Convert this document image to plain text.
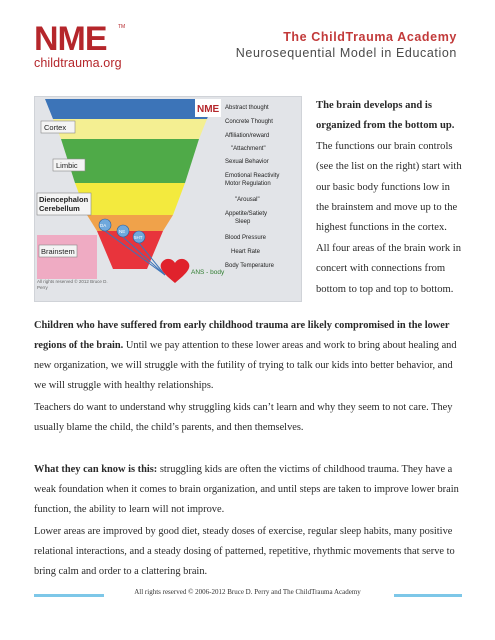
NME	TM
childtrauma.org
The ChildTrauma Academy
Neurosequential Model in Education
Cortex
Limbic
Diencephalon
Cerebellum
Brainstem
DA
NE
5HT
ANS - body
NME Abstract thought
Concrete Thought
Affiliation/reward
"Attachment"
Sexual Behavior
Emotional Reactivity
Motor Regulation
"Arousal"
Appetite/Satiety
Sleep
Blood Pressure
Heart Rate
Body Temperature
All rights reserved © 2012 Bruce D. Perry
The brain develops and is organized from the bottom up. The functions our brain controls (see the list on the right) start with our basic body functions low in the brainstem and move up to the highest functions in the cortex. All four areas of the brain work in concert with connections from bottom to top and top to bottom.
Children who have suffered from early childhood trauma are likely compromised in the lower regions of the brain. Until we pay attention to these lower areas and work to bring about healing and new organization, we will struggle with the futility of trying to talk our kids into better behavior, and we will struggle with healthy relationships.
Teachers do want to understand why struggling kids can’t learn and why they seem to not care. They usually blame the child, the child’s parents, and then themselves.
What they can know is this: struggling kids are often the victims of childhood trauma. They have a weak foundation when it comes to brain organization, and until steps are taken to improve lower brain function, the ability to learn will not improve.
Lower areas are improved by good diet, steady doses of exercise, regular sleep habits, many positive relational interactions, and a steady dosing of patterned, repetitive, rhythmic movements that serve to bring calm and order to a clattering brain.
All rights reserved © 2006-2012 Bruce D. Perry and The ChildTrauma Academy
